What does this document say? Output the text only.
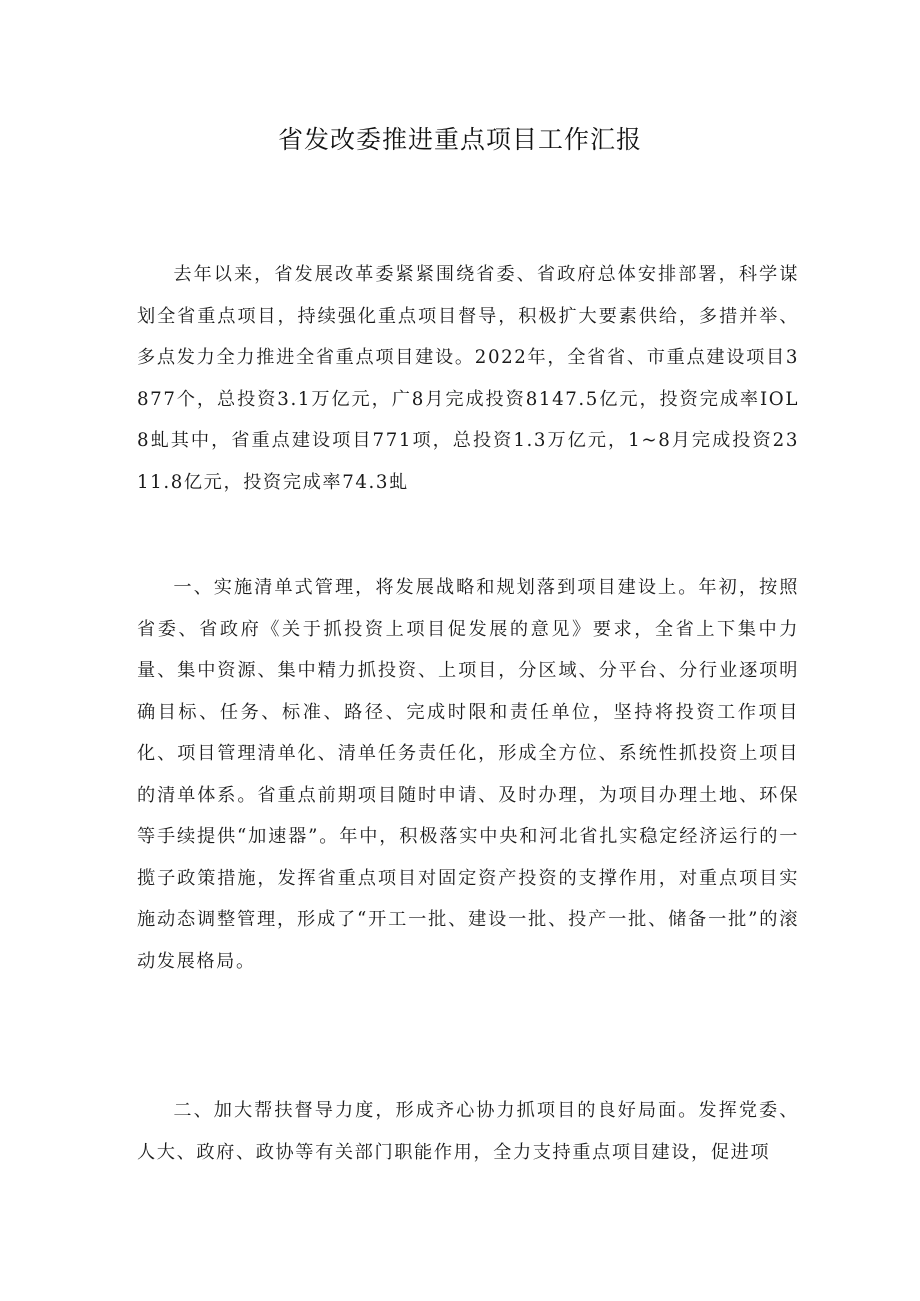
省发改委推进重点项目工作汇报

去年以来，省发展改革委紧紧围绕省委、省政府总体安排部署，科学谋划全省重点项目，持续强化重点项目督导，积极扩大要素供给，多措并举、多点发力全力推进全省重点项目建设。2022年，全省省、市重点建设项目3877个，总投资3.1万亿元，广8月完成投资8147.5亿元，投资完成率IOL8虬其中，省重点建设项目771项，总投资1.3万亿元，1~8月完成投资2311.8亿元，投资完成率74.3虬

一、实施清单式管理，将发展战略和规划落到项目建设上。年初，按照省委、省政府《关于抓投资上项目促发展的意见》要求，全省上下集中力量、集中资源、集中精力抓投资、上项目，分区域、分平台、分行业逐项明确目标、任务、标准、路径、完成时限和责任单位，坚持将投资工作项目化、项目管理清单化、清单任务责任化，形成全方位、系统性抓投资上项目的清单体系。省重点前期项目随时申请、及时办理，为项目办理土地、环保等手续提供“加速器”。年中，积极落实中央和河北省扎实稳定经济运行的一揽子政策措施，发挥省重点项目对固定资产投资的支撑作用，对重点项目实施动态调整管理，形成了“开工一批、建设一批、投产一批、储备一批”的滚动发展格局。

二、加大帮扶督导力度，形成齐心协力抓项目的良好局面。发挥党委、人大、政府、政协等有关部门职能作用，全力支持重点项目建设，促进项
